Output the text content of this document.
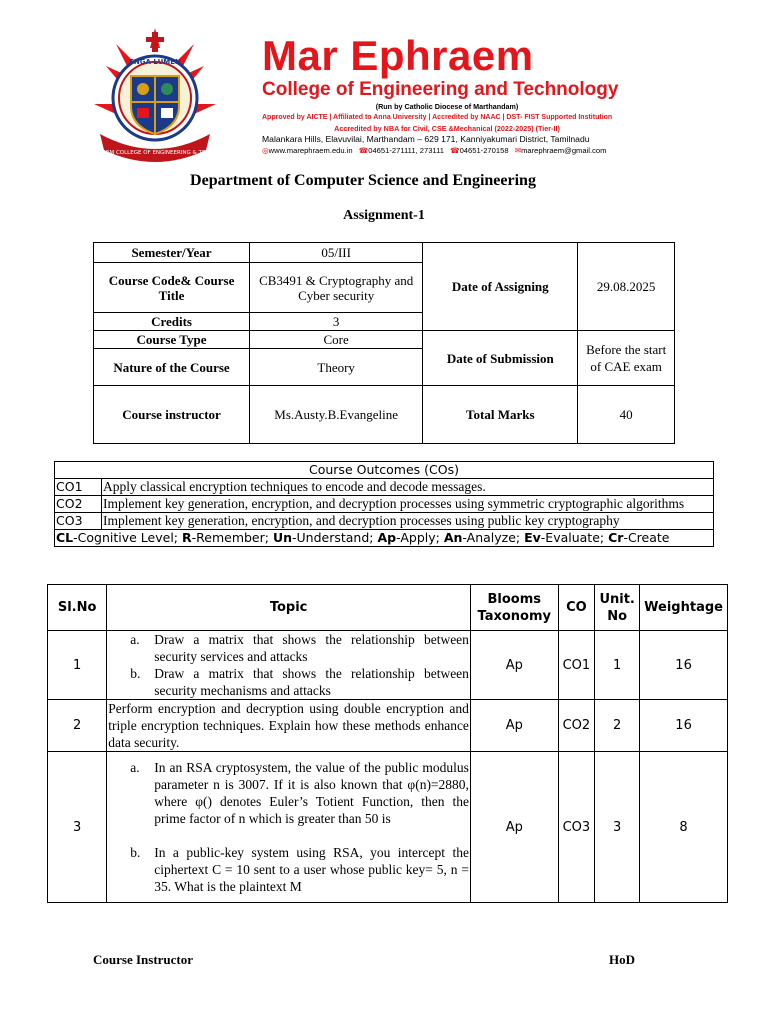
MAR EPHRAEM COLLEGE OF ENGINEERING & TECHNOLOGY
ENGA LUMEN Mar Ephraem
College of Engineering and Technology
(Run by Catholic Diocese of Marthandam)
Approved by AICTE | Affiliated to Anna University | Accredited by NAAC | DST- FIST Supported Institution
Accredited by NBA for Civil, CSE &Mechanical (2022-2025) (Tier-II)
Malankara Hills, Elavuvilai, Marthandam – 629 171, Kanniyakumari District, Tamilnadu
◎www.marephraem.edu.in ☎04651-271111, 273111 ☎04651-270158 ✉marephraem@gmail.com
Department of Computer Science and Engineering
Assignment-1
Semester/Year	05/III	Date of Assigning	29.08.2025
Course Code& Course Title	CB3491 & Cryptography and Cyber security		
Credits	3		
Course Type	Core	Date of Submission	Before the start of CAE exam
Nature of the Course	Theory		
Course instructor	Ms.Austy.B.Evangeline	Total Marks	40
Course Outcomes (COs)	
CO1	Apply classical encryption techniques to encode and decode messages.
CO2	Implement key generation, encryption, and decryption processes using symmetric cryptographic algorithms
CO3	Implement key generation, encryption, and decryption processes using public key cryptography
CL-Cognitive Level; R-Remember; Un-Understand; Ap-Apply; An-Analyze; Ev-Evaluate; Cr-Create	
Sl.No	Topic	Blooms Taxonomy	CO	Unit. No	Weightage
1	a. Draw a matrix that shows the relationship between security services and attacks
b. Draw a matrix that shows the relationship between security mechanisms and attacks	Ap	CO1	1	16
2	Perform encryption and decryption using double encryption and triple encryption techniques. Explain how these methods enhance data security.	Ap	CO2	2	16
3	a. In an RSA cryptosystem, the value of the public modulus parameter n is 3007. If it is also known that φ(n)=2880, where φ() denotes Euler’s Totient Function, then the prime factor of n which is greater than 50 is
b. In a public-key system using RSA, you intercept the ciphertext C = 10 sent to a user whose public key= 5, n = 35. What is the plaintext M	Ap	CO3	3	8
Course Instructor	HoD
